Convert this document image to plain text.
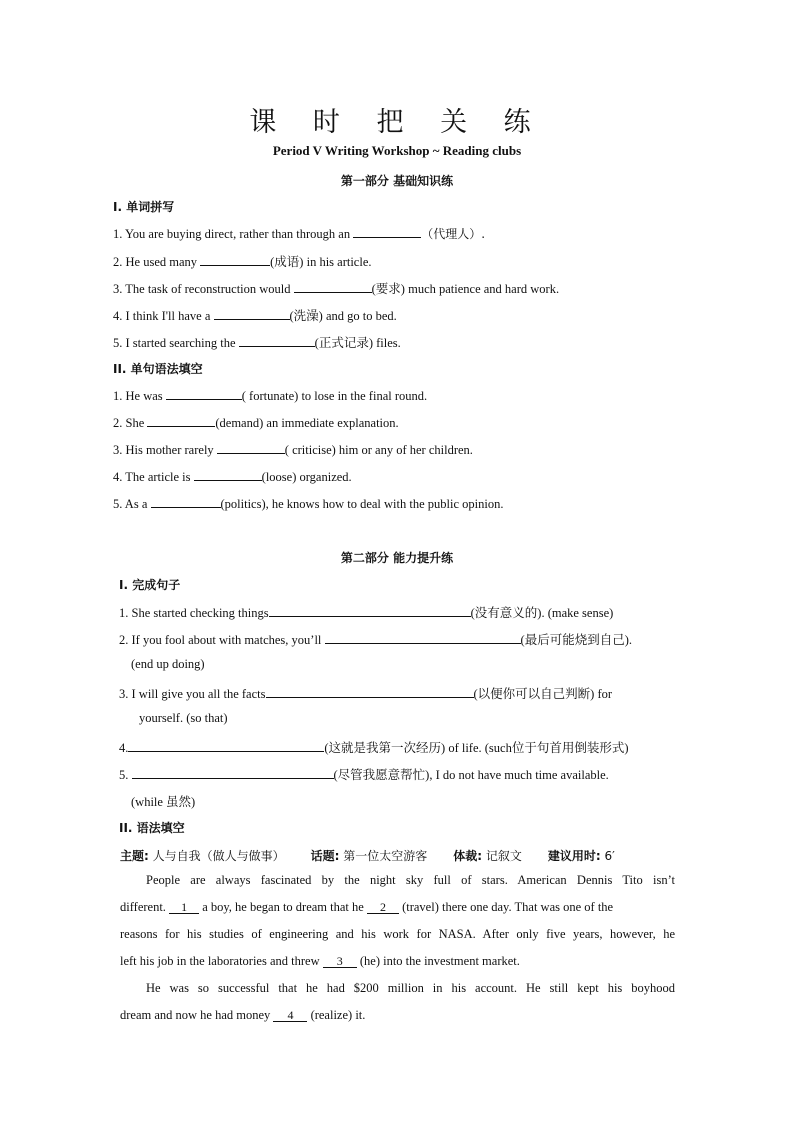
课 时 把 关 练
Period V Writing Workshop ~ Reading clubs
第一部分 基础知识练
I. 单词拼写
1. You are buying direct, rather than through an	（代理人）.
2. He used many	(成语) in his article.
3. The task of reconstruction would	(要求) much patience and hard work.
4. I think I'll have a	(洗澡) and go to bed.
5. I started searching the	(正式记录) files.
II. 单句语法填空
1. He was	( fortunate) to lose in the final round.
2. She	(demand) an immediate explanation.
3. His mother rarely	( criticise) him or any of her children.
4. The article is	(loose) organized.
5. As a	(politics), he knows how to deal with the public opinion.
第二部分 能力提升练
I. 完成句子
1. She started checking things	(没有意义的). (make sense)
2. If you fool about with matches, you’ll	(最后可能烧到自己).
(end up doing)
3. I will give you all the facts	(以便你可以自己判断) for
yourself. (so that)
4.	(这就是我第一次经历) of life. (such位于句首用倒装形式)
5.	(尽管我愿意帮忙), I do not have much time available.
(while 虽然)
II. 语法填空
主题: 人与自我（做人与做事） 话题: 第一位太空游客 体裁: 记叙文 建议用时: 6′
People are always fascinated by the night sky full of stars. American Dennis Tito isn’t
different. 1 a boy, he began to dream that he 2 (travel) there one day. That was one of the
reasons for his studies of engineering and his work for NASA. After only five years, however, he
left his job in the laboratories and threw 3 (he) into the investment market.
He was so successful that he had $200 million in his account. He still kept his boyhood
dream and now he had money 4 (realize) it.
